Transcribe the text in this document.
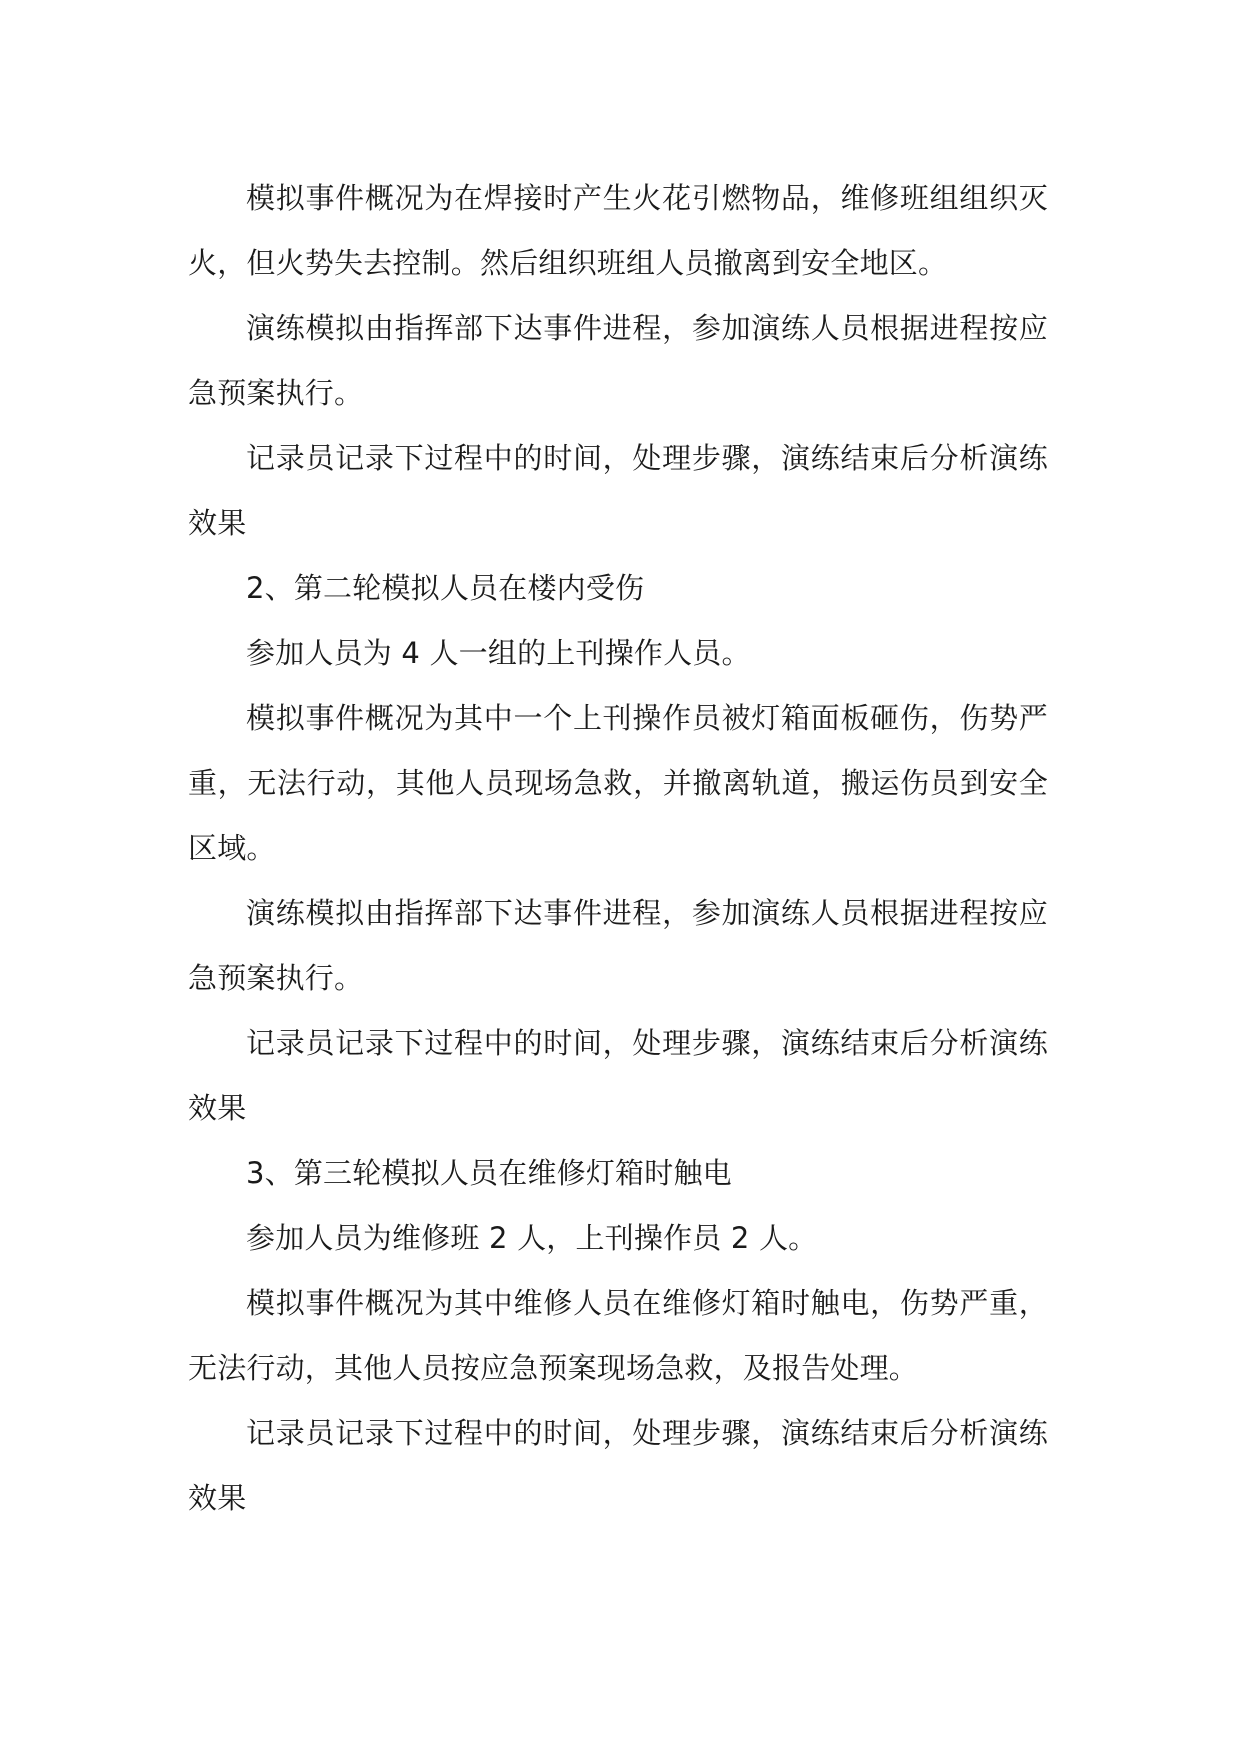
模拟事件概况为在焊接时产生火花引燃物品，维修班组组织灭火，但火势失去控制。然后组织班组人员撤离到安全地区。

演练模拟由指挥部下达事件进程，参加演练人员根据进程按应急预案执行。

记录员记录下过程中的时间，处理步骤，演练结束后分析演练效果

2、第二轮模拟人员在楼内受伤

参加人员为 4 人一组的上刊操作人员。

模拟事件概况为其中一个上刊操作员被灯箱面板砸伤，伤势严重，无法行动，其他人员现场急救，并撤离轨道，搬运伤员到安全区域。

演练模拟由指挥部下达事件进程，参加演练人员根据进程按应急预案执行。

记录员记录下过程中的时间，处理步骤，演练结束后分析演练效果

3、第三轮模拟人员在维修灯箱时触电

参加人员为维修班 2 人，上刊操作员 2 人。

模拟事件概况为其中维修人员在维修灯箱时触电，伤势严重，无法行动，其他人员按应急预案现场急救，及报告处理。

记录员记录下过程中的时间，处理步骤，演练结束后分析演练效果
